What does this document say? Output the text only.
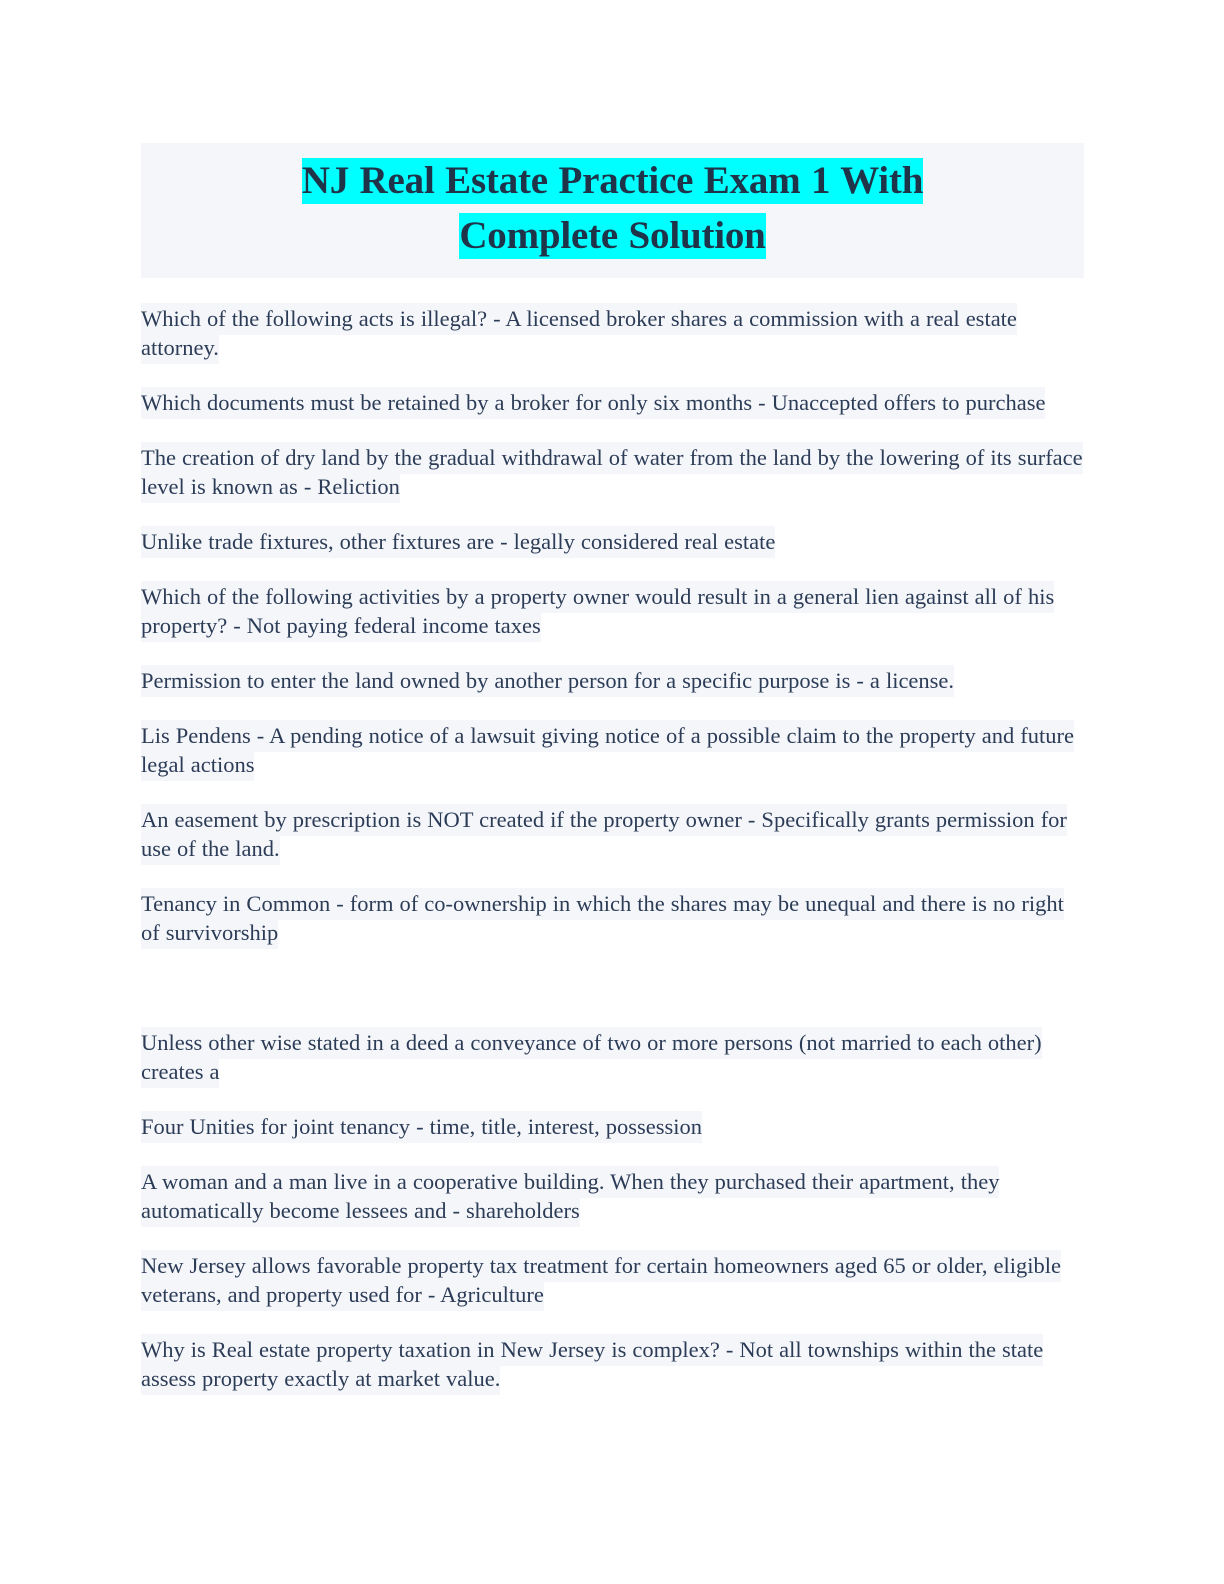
NJ Real Estate Practice Exam 1 With
Complete Solution

Which of the following acts is illegal? - A licensed broker shares a commission with a real estate attorney.

Which documents must be retained by a broker for only six months - Unaccepted offers to purchase

The creation of dry land by the gradual withdrawal of water from the land by the lowering of its surface level is known as - Reliction

Unlike trade fixtures, other fixtures are - legally considered real estate

Which of the following activities by a property owner would result in a general lien against all of his property? - Not paying federal income taxes

Permission to enter the land owned by another person for a specific purpose is - a license.

Lis Pendens - A pending notice of a lawsuit giving notice of a possible claim to the property and future legal actions

An easement by prescription is NOT created if the property owner - Specifically grants permission for use of the land.

Tenancy in Common - form of co-ownership in which the shares may be unequal and there is no right of survivorship

Unless other wise stated in a deed a conveyance of two or more persons (not married to each other) creates a

Four Unities for joint tenancy - time, title, interest, possession

A woman and a man live in a cooperative building. When they purchased their apartment, they automatically become lessees and - shareholders

New Jersey allows favorable property tax treatment for certain homeowners aged 65 or older, eligible veterans, and property used for - Agriculture

Why is Real estate property taxation in New Jersey is complex? - Not all townships within the state assess property exactly at market value.
